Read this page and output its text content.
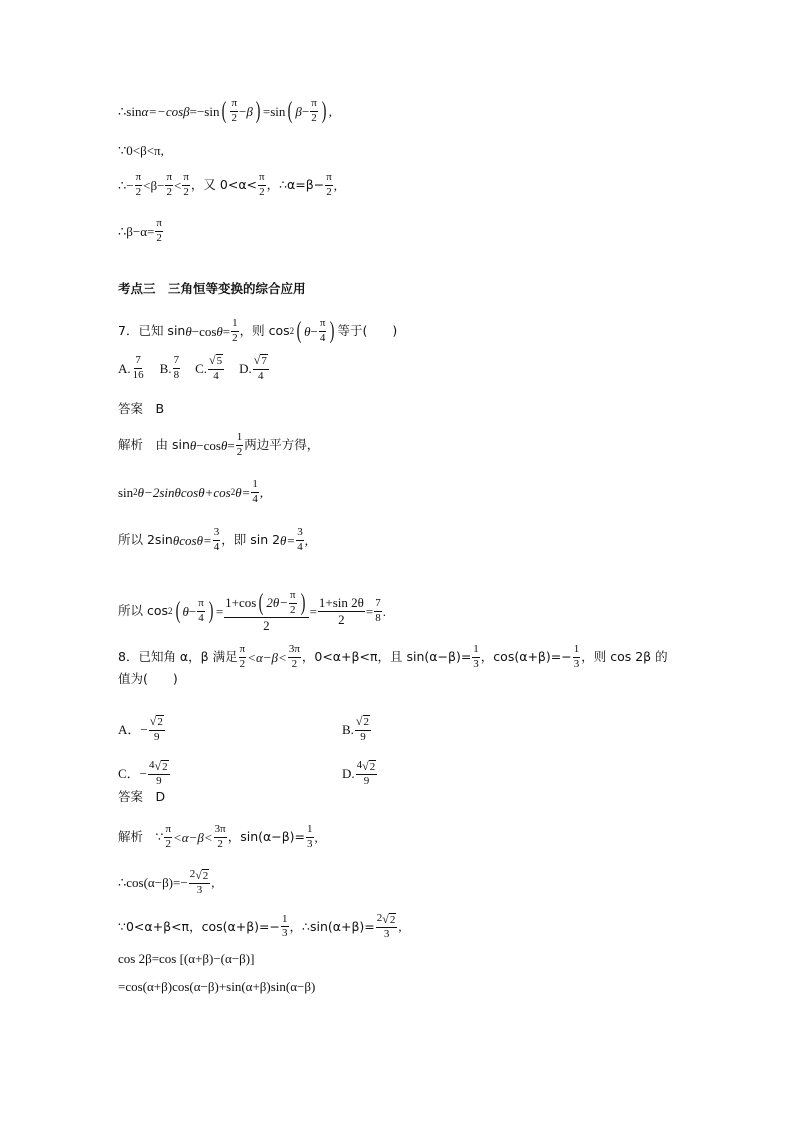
∴sin α=−cos β =−sin ( $\frac{\pi}{2} - \beta$ ) =sin ( $\beta - \frac{\pi}{2}$ ) ,
∵0<β<π,
∴− $\frac{\pi}{2} <\beta- \frac{\pi}{2} < \frac{\pi}{2}$ ，又 $0<\alpha< \frac{\pi}{2}$ ，∴α=β− $\frac{\pi}{2}$ ,
∴β−α= $\frac{\pi}{2}$
考点三　三角恒等变换的综合应用
7．已知 sin θ −cos $\theta = \frac{1}{2}$ ，则 cos 2 ( $\theta - \frac{\pi}{4}$ ) 等于(　　)
A. $\frac{7}{16} B$. $\frac{7}{8} C$. $\frac{√ 5}{4} D$. $\frac{√ 7}{4}$
答案　B
解析　由 sin θ −cos $\theta = \frac{1}{2}$ 两边平方得，
sin 2 θ−2sin θcos θ+cos 2 $\theta= \frac{1}{4}$ ,
所以 2sin θcos $\theta= \frac{3}{4}$ ，即 sin 2 $\theta= \frac{3}{4}$ ,
所以 cos 2 ( $\theta - \frac{\pi}{4}$ ) = $\frac{1+\cos ( 2\theta- \frac{\pi}{2} )}{2} = \frac{1+\sin 2\theta}{2} = \frac{7}{8}$ .
8．已知角 α，β 满足 $\frac{\pi}{2} <\alpha-\beta< \frac{3\pi}{2}$ ，0<α+β<π，且 $\sin(\alpha-\beta)= \frac{1}{3}$ ，$\cos(\alpha+\beta)=- \frac{1}{3}$ ，则 cos 2β 的
值为(　　)
A．− $\frac{√ 2}{9}$	B. $\frac{√ 2}{9}$
C．− $\frac{4 √ 2}{9}$	D. $\frac{4 √ 2}{9}$
答案　D
解析　∵ $\frac{\pi}{2} <\alpha-\beta< \frac{3\pi}{2}$ ，$\sin(\alpha-\beta)= \frac{1}{3}$ ,
∴cos(α−β)=− $\frac{2 √ 2}{3}$ ,
∵0<α+β<π，$\cos(\alpha+\beta)=- \frac{1}{3}$ ，∴sin(α+β)= $\frac{2 √ 2}{3}$ ,
cos 2β=cos [(α+β)−(α−β)]
=cos(α+β)cos(α−β)+sin(α+β)sin(α−β)
